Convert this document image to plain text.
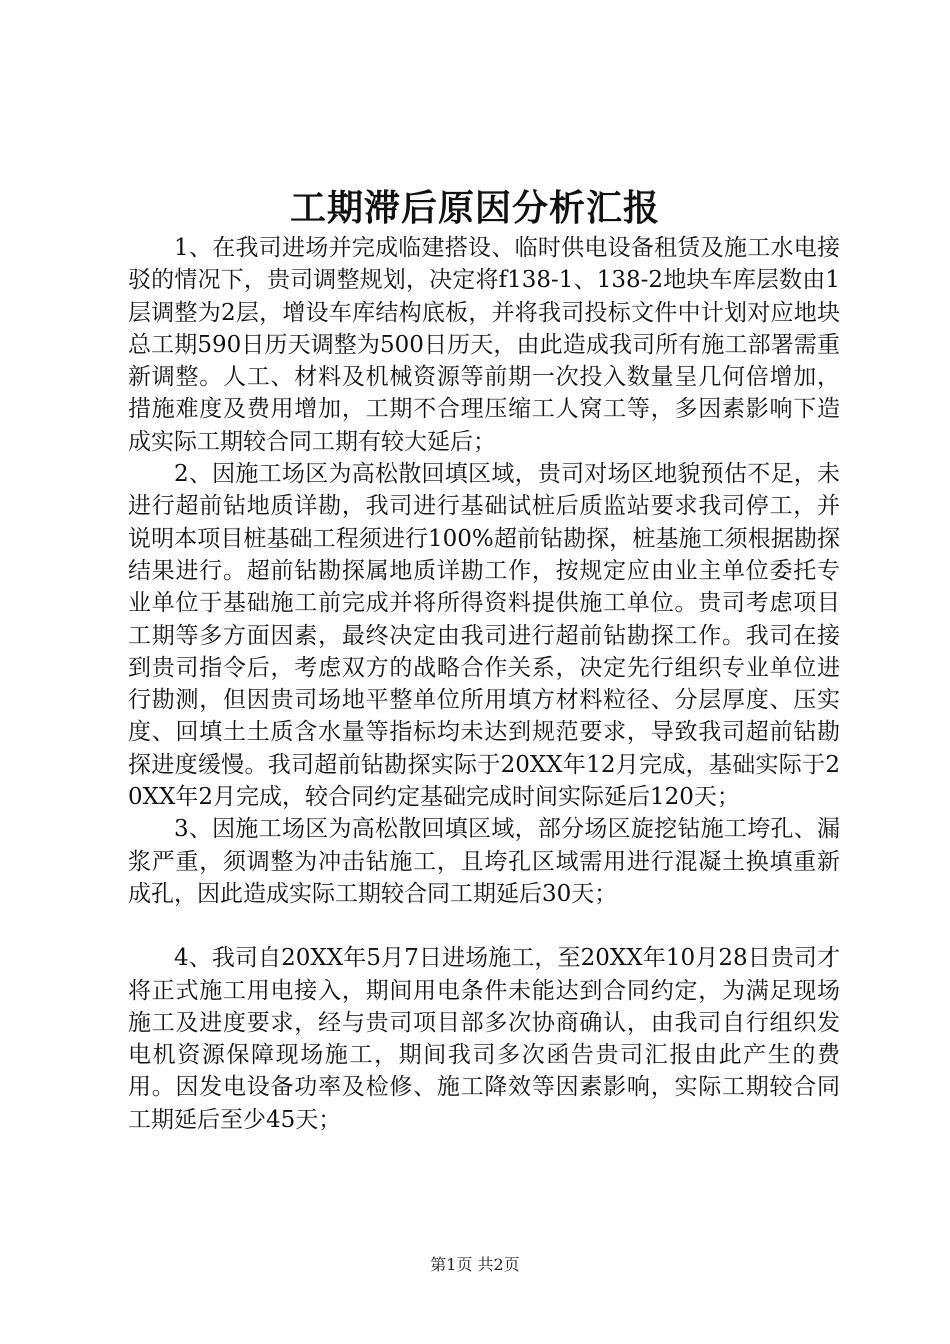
工期滞后原因分析汇报

1、在我司进场并完成临建搭设、临时供电设备租赁及施工水电接驳的情况下，贵司调整规划，决定将f138-1、138-2地块车库层数由1层调整为2层，增设车库结构底板，并将我司投标文件中计划对应地块总工期590日历天调整为500日历天，由此造成我司所有施工部署需重新调整。人工、材料及机械资源等前期一次投入数量呈几何倍增加，措施难度及费用增加，工期不合理压缩工人窝工等，多因素影响下造成实际工期较合同工期有较大延后；

2、因施工场区为高松散回填区域，贵司对场区地貌预估不足，未进行超前钻地质详勘，我司进行基础试桩后质监站要求我司停工，并说明本项目桩基础工程须进行100%超前钻勘探，桩基施工须根据勘探结果进行。超前钻勘探属地质详勘工作，按规定应由业主单位委托专业单位于基础施工前完成并将所得资料提供施工单位。贵司考虑项目工期等多方面因素，最终决定由我司进行超前钻勘探工作。我司在接到贵司指令后，考虑双方的战略合作关系，决定先行组织专业单位进行勘测，但因贵司场地平整单位所用填方材料粒径、分层厚度、压实度、回填土土质含水量等指标均未达到规范要求，导致我司超前钻勘探进度缓慢。我司超前钻勘探实际于20XX年12月完成，基础实际于20XX年2月完成，较合同约定基础完成时间实际延后120天；

3、因施工场区为高松散回填区域，部分场区旋挖钻施工垮孔、漏浆严重，须调整为冲击钻施工，且垮孔区域需用进行混凝土换填重新成孔，因此造成实际工期较合同工期延后30天；

4、我司自20XX年5月7日进场施工，至20XX年10月28日贵司才将正式施工用电接入，期间用电条件未能达到合同约定，为满足现场施工及进度要求，经与贵司项目部多次协商确认，由我司自行组织发电机资源保障现场施工，期间我司多次函告贵司汇报由此产生的费用。因发电设备功率及检修、施工降效等因素影响，实际工期较合同工期延后至少45天；

第1页 共2页
